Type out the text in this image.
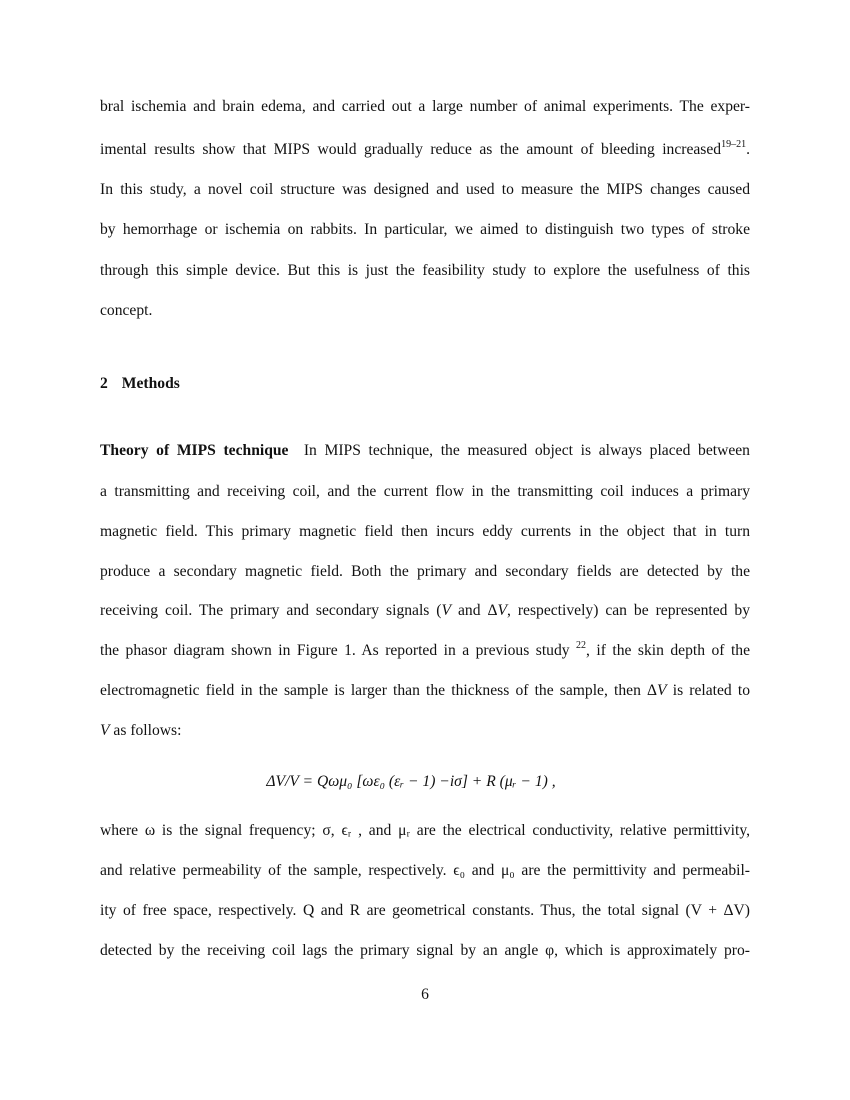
bral ischemia and brain edema, and carried out a large number of animal experiments. The exper-
imental results show that MIPS would gradually reduce as the amount of bleeding increased$^{19-21}$.
In this study, a novel coil structure was designed and used to measure the MIPS changes caused
by hemorrhage or ischemia on rabbits. In particular, we aimed to distinguish two types of stroke
through this simple device. But this is just the feasibility study to explore the usefulness of this
concept.
2 Methods
Theory of MIPS technique In MIPS technique, the measured object is always placed between
a transmitting and receiving coil, and the current flow in the transmitting coil induces a primary
magnetic field. This primary magnetic field then incurs eddy currents in the object that in turn
produce a secondary magnetic field. Both the primary and secondary fields are detected by the
receiving coil. The primary and secondary signals (V and ΔV, respectively) can be represented by
the phasor diagram shown in Figure 1. As reported in a previous study $^{22}$, if the skin depth of the
electromagnetic field in the sample is larger than the thickness of the sample, then ΔV is related to
V as follows:
ΔV/V = Qωμ₀ [ωε₀ (εᵣ − 1) −iσ] + R (μᵣ − 1) ,
where ω is the signal frequency; σ, ϵᵣ , and μᵣ are the electrical conductivity, relative permittivity,
and relative permeability of the sample, respectively. ϵ₀ and μ₀ are the permittivity and permeabil-
ity of free space, respectively. Q and R are geometrical constants. Thus, the total signal (V + ΔV)
detected by the receiving coil lags the primary signal by an angle φ, which is approximately pro-
6
